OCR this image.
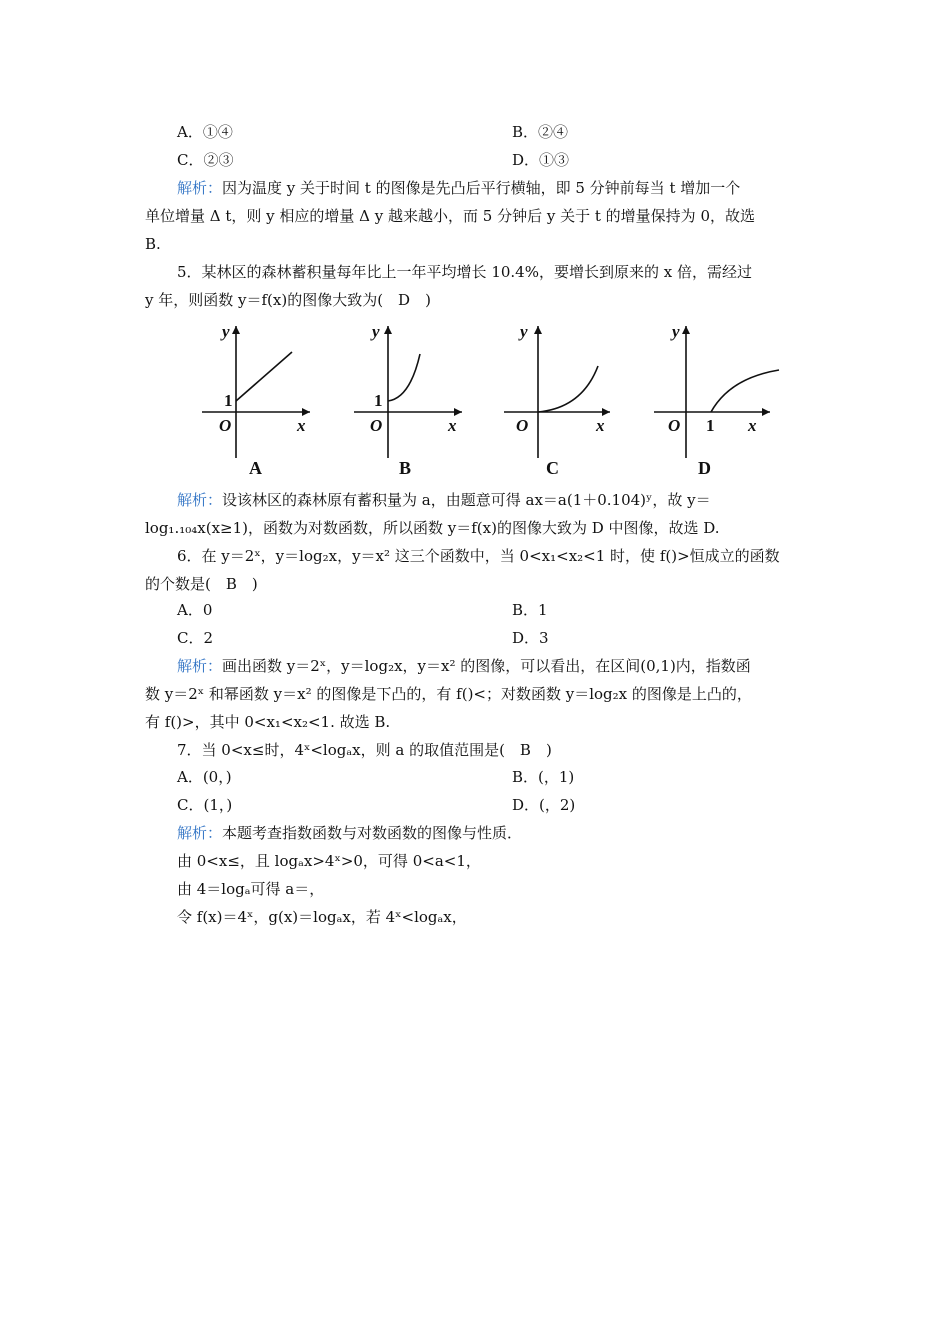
A．①④	B．②④
C．②③	D．①③
解析：因为温度 y 关于时间 t 的图像是先凸后平行横轴，即 5 分钟前每当 t 增加一个
单位增量 Δ t，则 y 相应的增量 Δ y 越来越小，而 5 分钟后 y 关于 t 的增量保持为 0，故选
B.
5．某林区的森林蓄积量每年比上一年平均增长 10.4%，要增长到原来的 x 倍，需经过
y 年，则函数 y＝f(x)的图像大致为(　D　)
y
x
O
1
A
y
x
O
1
B
y
x
O
C
y
x
O 1
D
解析：设该林区的森林原有蓄积量为 a，由题意可得 ax＝a(1＋0.104)ʸ，故 y＝
log₁.₁₀₄x(x≥1)，函数为对数函数，所以函数 y＝f(x)的图像大致为 D 中图像，故选 D.
6．在 y＝2ˣ，y＝log₂x，y＝x² 这三个函数中，当 0<x₁<x₂<1 时，使 f()>恒成立的函数
的个数是(　B　)
A．0	B．1
C．2	D．3
解析：画出函数 y＝2ˣ，y＝log₂x，y＝x² 的图像，可以看出，在区间(0,1)内，指数函
数 y＝2ˣ 和幂函数 y＝x² 的图像是下凸的，有 f()<；对数函数 y＝log₂x 的图像是上凸的，
有 f()>，其中 0<x₁<x₂<1. 故选 B.
7．当 0<x≤时，4ˣ<logₐx，则 a 的取值范围是(　B　)
A．(0，)	B．(，1)
C．(1，)	D．(，2)
解析：本题考查指数函数与对数函数的图像与性质．
由 0<x≤，且 logₐx>4ˣ>0，可得 0<a<1，
由 4＝logₐ可得 a＝，
令 f(x)＝4ˣ，g(x)＝logₐx，若 4ˣ<logₐx，
